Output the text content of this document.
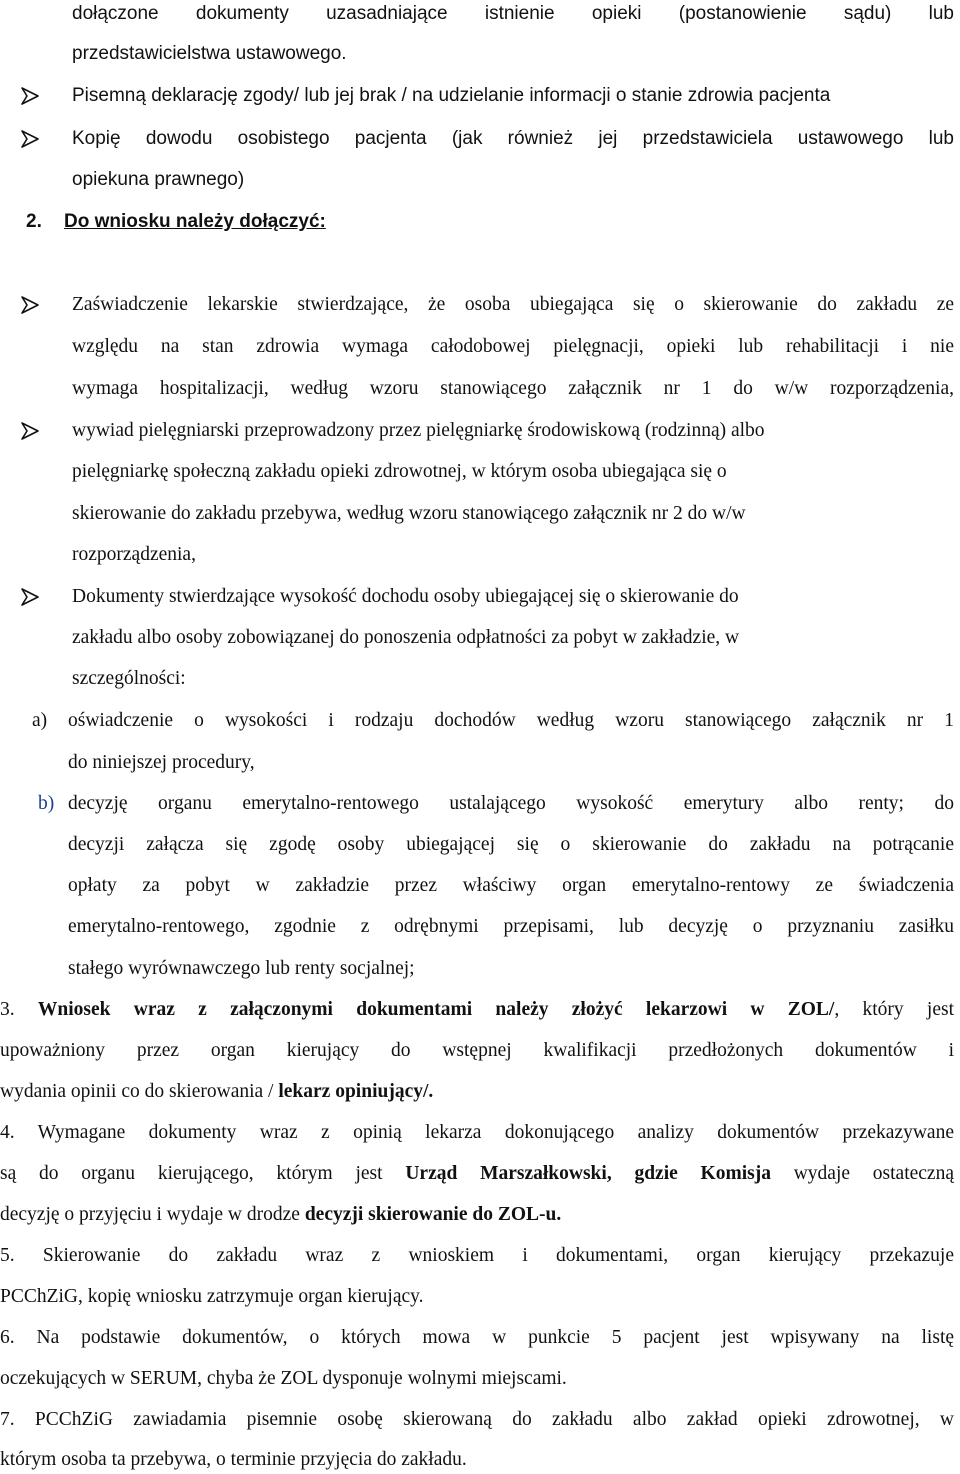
dołączone dokumenty uzasadniające istnienie opieki (postanowienie sądu) lub
przedstawicielstwa ustawowego.
Pisemną deklarację zgody/ lub jej brak / na udzielanie informacji o stanie zdrowia pacjenta
Kopię dowodu osobistego pacjenta (jak również jej przedstawiciela ustawowego lub
opiekuna prawnego)
2. Do wniosku należy dołączyć:
Zaświadczenie lekarskie stwierdzające, że osoba ubiegająca się o skierowanie do zakładu ze
względu na stan zdrowia wymaga całodobowej pielęgnacji, opieki lub rehabilitacji i nie
wymaga hospitalizacji, według wzoru stanowiącego załącznik nr 1 do w/w rozporządzenia,
wywiad pielęgniarski przeprowadzony przez pielęgniarkę środowiskową (rodzinną) albo
pielęgniarkę społeczną zakładu opieki zdrowotnej, w którym osoba ubiegająca się o
skierowanie do zakładu przebywa, według wzoru stanowiącego załącznik nr 2 do w/w
rozporządzenia,
Dokumenty stwierdzające wysokość dochodu osoby ubiegającej się o skierowanie do
zakładu albo osoby zobowiązanej do ponoszenia odpłatności za pobyt w zakładzie, w
szczególności:
a) oświadczenie o wysokości i rodzaju dochodów według wzoru stanowiącego załącznik nr 1
do niniejszej procedury,
b) decyzję organu emerytalno-rentowego ustalającego wysokość emerytury albo renty; do
decyzji załącza się zgodę osoby ubiegającej się o skierowanie do zakładu na potrącanie
opłaty za pobyt w zakładzie przez właściwy organ emerytalno-rentowy ze świadczenia
emerytalno-rentowego, zgodnie z odrębnymi przepisami, lub decyzję o przyznaniu zasiłku
stałego wyrównawczego lub renty socjalnej;
3. Wniosek wraz z załączonymi dokumentami należy złożyć lekarzowi w ZOL/, który jest
upoważniony przez organ kierujący do wstępnej kwalifikacji przedłożonych dokumentów i
wydania opinii co do skierowania / lekarz opiniujący/.
4. Wymagane dokumenty wraz z opinią lekarza dokonującego analizy dokumentów przekazywane
są do organu kierującego, którym jest Urząd Marszałkowski, gdzie Komisja wydaje ostateczną
decyzję o przyjęciu i wydaje w drodze decyzji skierowanie do ZOL-u.
5. Skierowanie do zakładu wraz z wnioskiem i dokumentami, organ kierujący przekazuje
PCChZiG, kopię wniosku zatrzymuje organ kierujący.
6. Na podstawie dokumentów, o których mowa w punkcie 5 pacjent jest wpisywany na listę
oczekujących w SERUM, chyba że ZOL dysponuje wolnymi miejscami.
7. PCChZiG zawiadamia pisemnie osobę skierowaną do zakładu albo zakład opieki zdrowotnej, w
którym osoba ta przebywa, o terminie przyjęcia do zakładu.
